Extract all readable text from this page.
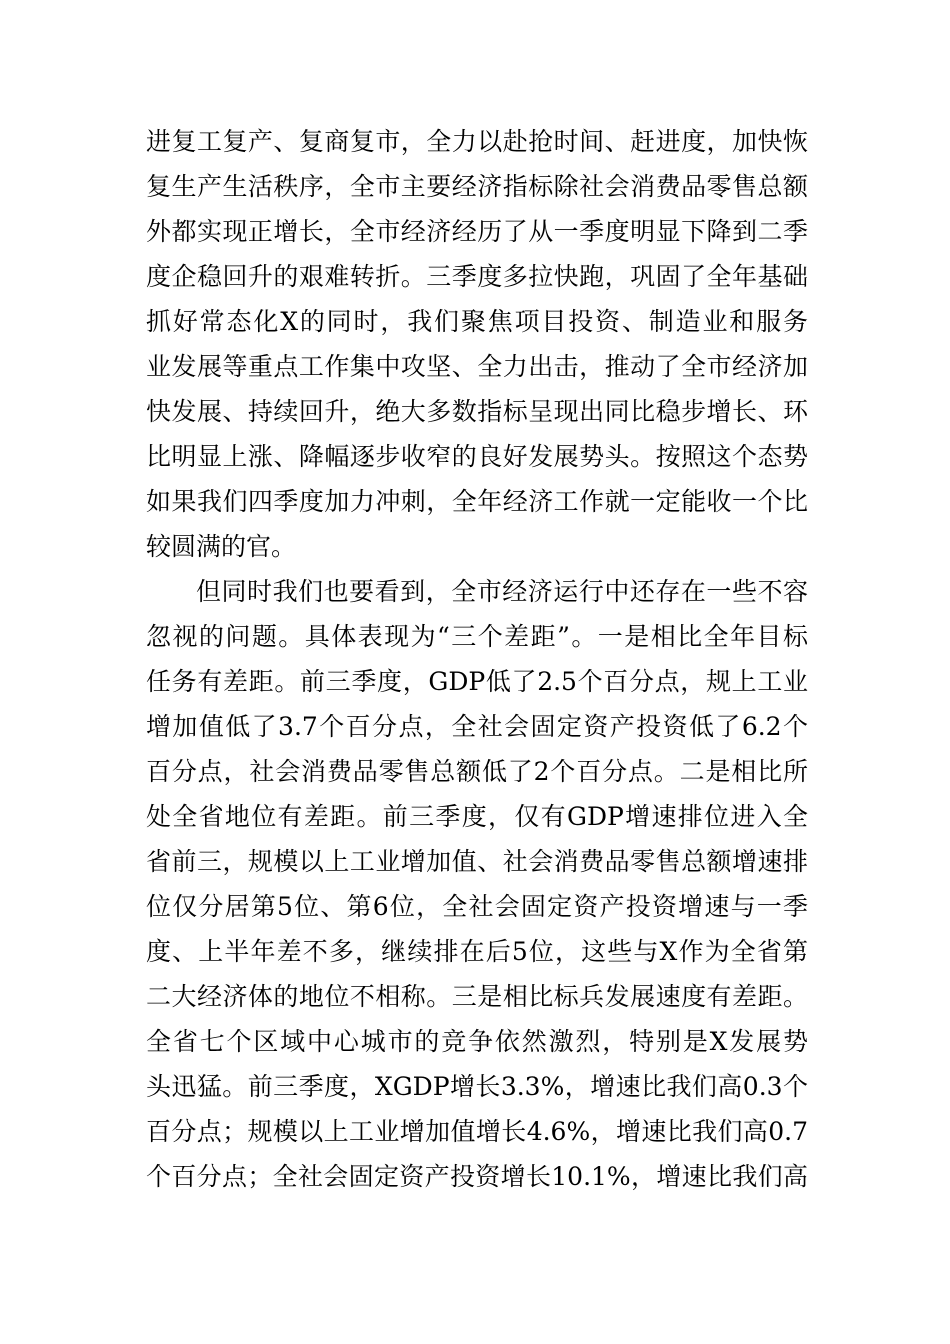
进复工复产、复商复市，全力以赴抢时间、赶进度，加快恢
复生产生活秩序，全市主要经济指标除社会消费品零售总额
外都实现正增长，全市经济经历了从一季度明显下降到二季
度企稳回升的艰难转折。三季度多拉快跑，巩固了全年基础
抓好常态化X的同时，我们聚焦项目投资、制造业和服务
业发展等重点工作集中攻坚、全力出击，推动了全市经济加
快发展、持续回升，绝大多数指标呈现出同比稳步增长、环
比明显上涨、降幅逐步收窄的良好发展势头。按照这个态势
如果我们四季度加力冲刺，全年经济工作就一定能收一个比
较圆满的官。
但同时我们也要看到，全市经济运行中还存在一些不容
忽视的问题。具体表现为“三个差距”。一是相比全年目标
任务有差距。前三季度，GDP低了2.5个百分点，规上工业
增加值低了3.7个百分点，全社会固定资产投资低了6.2个
百分点，社会消费品零售总额低了2个百分点。二是相比所
处全省地位有差距。前三季度，仅有GDP增速排位进入全
省前三，规模以上工业增加值、社会消费品零售总额增速排
位仅分居第5位、第6位，全社会固定资产投资增速与一季
度、上半年差不多，继续排在后5位，这些与X作为全省第
二大经济体的地位不相称。三是相比标兵发展速度有差距。
全省七个区域中心城市的竞争依然激烈，特别是X发展势
头迅猛。前三季度，XGDP增长3.3%，增速比我们高0.3个
百分点；规模以上工业增加值增长4.6%，增速比我们高0.7
个百分点；全社会固定资产投资增长10.1%，增速比我们高
